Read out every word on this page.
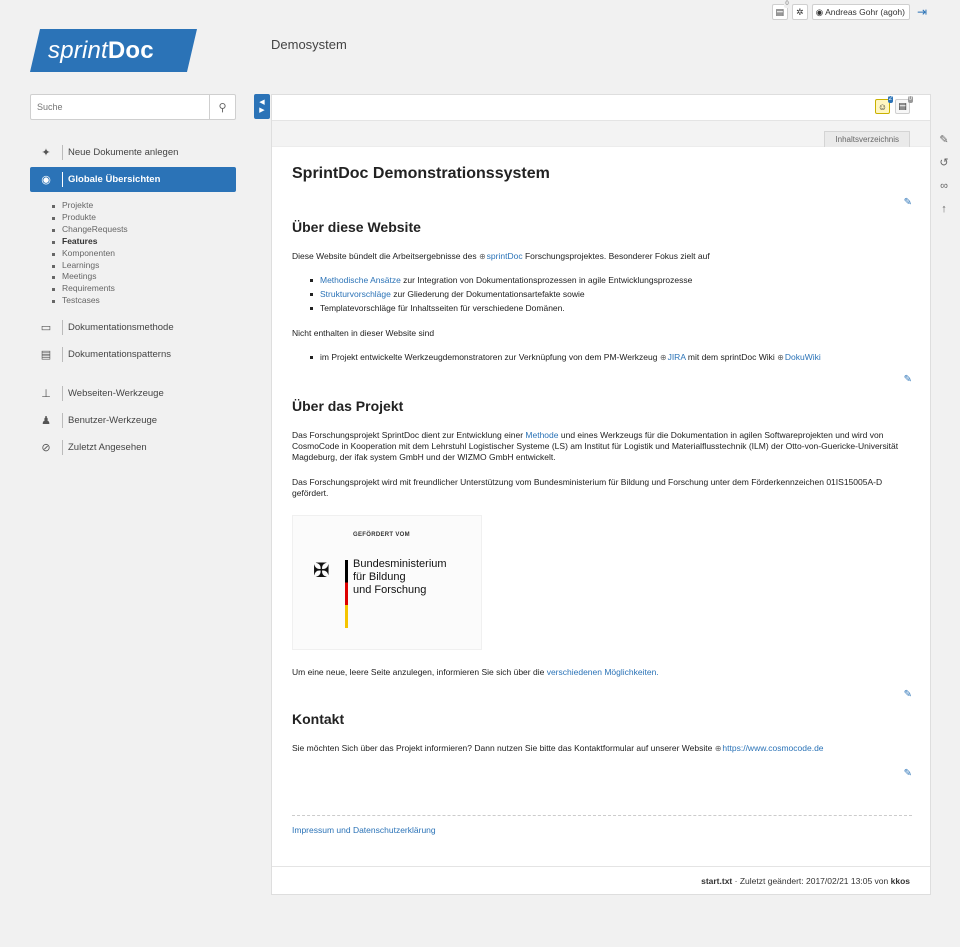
▤
0
✲ ◉ Andreas Gohr (agoh) ⇥
sprintDoc	Demosystem
Suche
⚲
✦	Neue Dokumente anlegen
◉	Globale Übersichten
Projekte
Produkte
ChangeRequests
Features
Komponenten
Learnings
Meetings
Requirements
Testcases
▭	Dokumentationsmethode
▤	Dokumentationspatterns
⊥	Webseiten-Werkzeuge
♟	Benutzer-Werkzeuge
⊘	Zuletzt Angesehen
◀
▶	☺
2
▤
0
Inhaltsverzeichnis
SprintDoc Demonstrationssystem
✎
Über diese Website

Diese Website bündelt die Arbeitsergebnisse des ⊕sprintDoc Forschungsprojektes. Besonderer Fokus zielt auf

Methodische Ansätze zur Integration von Dokumentationsprozessen in agile Entwicklungsprozesse
Strukturvorschläge zur Gliederung der Dokumentationsartefakte sowie
Templatevorschläge für Inhaltsseiten für verschiedene Domänen.

Nicht enthalten in dieser Website sind

im Projekt entwickelte Werkzeugdemonstratoren zur Verknüpfung von dem PM-Werkzeug ⊕JIRA mit dem sprintDoc Wiki ⊕DokuWiki
✎
Über das Projekt

Das Forschungsprojekt SprintDoc dient zur Entwicklung einer Methode und eines Werkzeugs für die Dokumentation in agilen Softwareprojekten und wird von CosmoCode in Kooperation mit dem Lehrstuhl Logistischer Systeme (LS) am Institut für Logistik und Materialflusstechnik (ILM) der Otto-von-Guericke-Universität Magdeburg, der ifak system GmbH und der WIZMO GmbH entwickelt.

Das Forschungsprojekt wird mit freundlicher Unterstützung vom Bundesministerium für Bildung und Forschung unter dem Förderkennzeichen 01IS15005A-D gefördert.

GEFÖRDERT VOM
✠ Bundesministerium
für Bildung
und Forschung

Um eine neue, leere Seite anzulegen, informieren Sie sich über die verschiedenen Möglichkeiten.

✎
Kontakt

Sie möchten Sich über das Projekt informieren? Dann nutzen Sie bitte das Kontaktformular auf unserer Website ⊕https://www.cosmocode.de

✎

Impressum und Datenschutzerklärung

start.txt · Zuletzt geändert: 2017/02/21 13:05 von kkos
✎
↺
∞
↑
